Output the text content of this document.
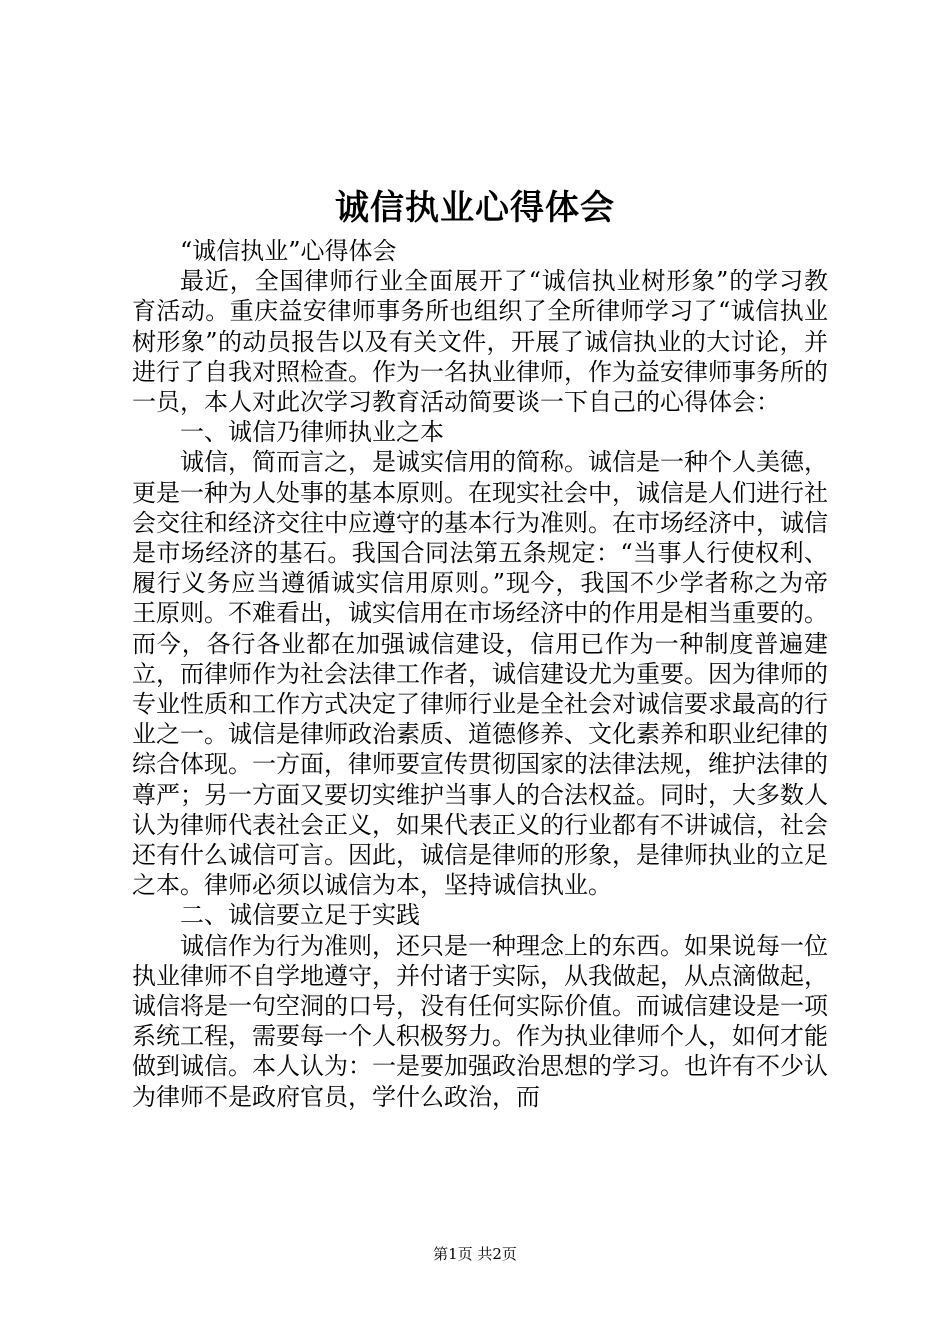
诚信执业心得体会

“诚信执业”心得体会

最近，全国律师行业全面展开了“诚信执业树形象”的学习教育活动。重庆益安律师事务所也组织了全所律师学习了“诚信执业树形象”的动员报告以及有关文件，开展了诚信执业的大讨论，并进行了自我对照检查。作为一名执业律师，作为益安律师事务所的一员，本人对此次学习教育活动简要谈一下自己的心得体会：

一、诚信乃律师执业之本

诚信，简而言之，是诚实信用的简称。诚信是一种个人美德，更是一种为人处事的基本原则。在现实社会中，诚信是人们进行社会交往和经济交往中应遵守的基本行为准则。在市场经济中，诚信是市场经济的基石。我国合同法第五条规定：“当事人行使权利、履行义务应当遵循诚实信用原则。”现今，我国不少学者称之为帝王原则。不难看出，诚实信用在市场经济中的作用是相当重要的。而今，各行各业都在加强诚信建设，信用已作为一种制度普遍建立，而律师作为社会法律工作者，诚信建设尤为重要。因为律师的专业性质和工作方式决定了律师行业是全社会对诚信要求最高的行业之一。诚信是律师政治素质、道德修养、文化素养和职业纪律的综合体现。一方面，律师要宣传贯彻国家的法律法规，维护法律的尊严；另一方面又要切实维护当事人的合法权益。同时，大多数人认为律师代表社会正义，如果代表正义的行业都有不讲诚信，社会还有什么诚信可言。因此，诚信是律师的形象，是律师执业的立足之本。律师必须以诚信为本，坚持诚信执业。

二、诚信要立足于实践

诚信作为行为准则，还只是一种理念上的东西。如果说每一位执业律师不自学地遵守，并付诸于实际，从我做起，从点滴做起，诚信将是一句空洞的口号，没有任何实际价值。而诚信建设是一项系统工程，需要每一个人积极努力。作为执业律师个人，如何才能做到诚信。本人认为：一是要加强政治思想的学习。也许有不少认为律师不是政府官员，学什么政治，而

第1页 共2页
